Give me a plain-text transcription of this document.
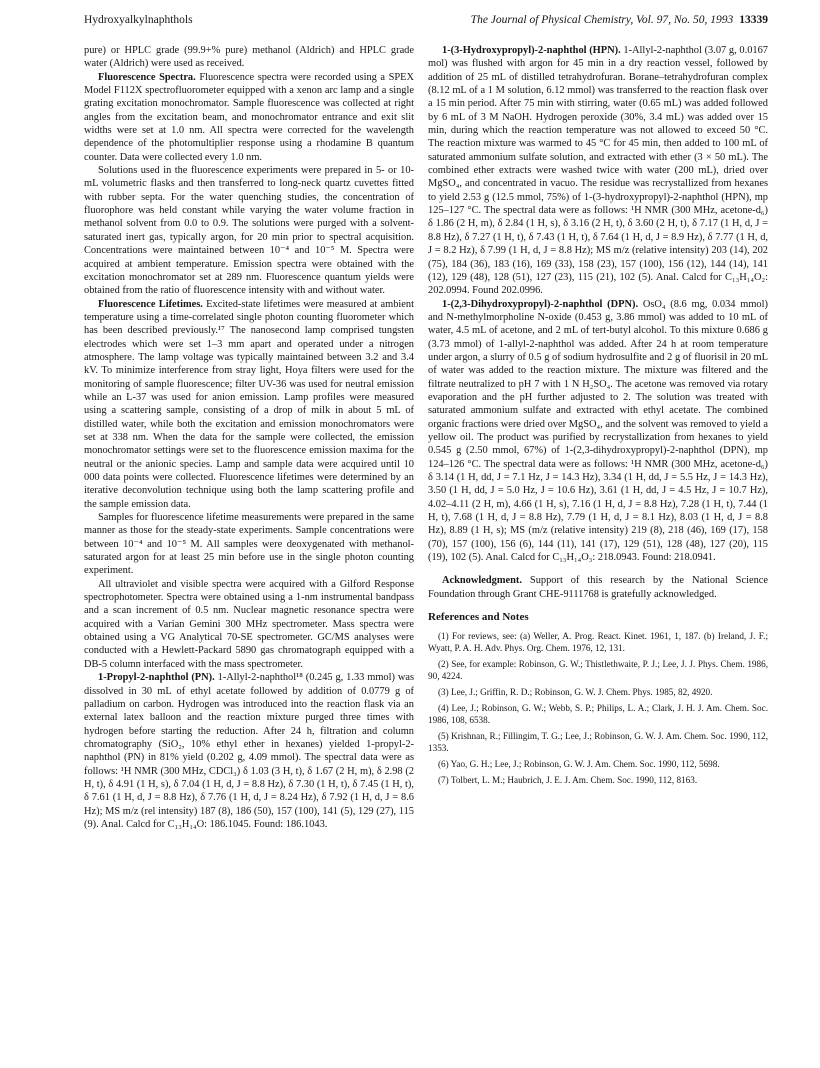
Hydroxyalkylnaphthols	The Journal of Physical Chemistry, Vol. 97, No. 50, 1993 13339

pure) or HPLC grade (99.9+% pure) methanol (Aldrich) and HPLC grade water (Aldrich) were used as received.

Fluorescence Spectra. Fluorescence spectra were recorded using a SPEX Model F112X spectrofluorometer equipped with a xenon arc lamp and a single grating excitation monochromator. Sample fluorescence was collected at right angles from the excitation beam, and monochromator entrance and exit slit widths were set at 1.0 nm. All spectra were corrected for the wavelength dependence of the photomultiplier response using a rhodamine B quantum counter. Data were collected every 1.0 nm.

Solutions used in the fluorescence experiments were prepared in 5- or 10-mL volumetric flasks and then transferred to long-neck quartz cuvettes fitted with rubber septa. For the water quenching studies, the concentration of fluorophore was held constant while varying the water volume fraction in methanol solvent from 0.0 to 0.9. The solutions were purged with a solvent-saturated inert gas, typically argon, for 20 min prior to spectral acquisition. Concentrations were maintained between 10⁻⁴ and 10⁻⁵ M. Spectra were acquired at ambient temperature. Emission spectra were obtained with the excitation monochromator set at 289 nm. Fluorescence quantum yields were obtained from the ratio of fluorescence intensity with and without water.

Fluorescence Lifetimes. Excited-state lifetimes were measured at ambient temperature using a time-correlated single photon counting fluorometer which has been described previously.¹⁷ The nanosecond lamp comprised tungsten electrodes which were set 1–3 mm apart and operated under a nitrogen atmosphere. The lamp voltage was typically maintained between 3.2 and 3.4 kV. To minimize interference from stray light, Hoya filters were used for the monitoring of sample fluorescence; filter UV-36 was used for neutral emission while an L-37 was used for anion emission. Lamp profiles were measured using a scattering sample, consisting of a drop of milk in about 5 mL of distilled water, while both the excitation and emission monochromators were set at 338 nm. When the data for the sample were collected, the emission monochromator settings were set to the fluorescence emission maxima for the neutral or the anionic species. Lamp and sample data were acquired until 10 000 data points were collected. Fluorescence lifetimes were determined by an iterative deconvolution technique using both the lamp scattering profile and the sample emission data.

Samples for fluorescence lifetime measurements were prepared in the same manner as those for the steady-state experiments. Sample concentrations were between 10⁻⁴ and 10⁻⁵ M. All samples were deoxygenated with methanol-saturated argon for at least 25 min before use in the single photon counting experiment.

All ultraviolet and visible spectra were acquired with a Gilford Response spectrophotometer. Spectra were obtained using a 1-nm instrumental bandpass and a scan increment of 0.5 nm. Nuclear magnetic resonance spectra were acquired with a Varian Gemini 300 MHz spectrometer. Mass spectra were obtained using a VG Analytical 70-SE spectrometer. GC/MS analyses were conducted with a Hewlett-Packard 5890 gas chromatograph equipped with a DB-5 column interfaced with the mass spectrometer.

1-Propyl-2-naphthol (PN). 1-Allyl-2-naphthol¹⁸ (0.245 g, 1.33 mmol) was dissolved in 30 mL of ethyl acetate followed by addition of 0.0779 g of palladium on carbon. Hydrogen was introduced into the reaction flask via an external latex balloon and the reaction mixture purged three times with hydrogen before starting the reduction. After 24 h, filtration and column chromatography (SiO₂, 10% ethyl ether in hexanes) yielded 1-propyl-2-naphthol (PN) in 81% yield (0.202 g, 4.09 mmol). The spectral data were as follows: ¹H NMR (300 MHz, CDCl₃) δ 1.03 (3 H, t), δ 1.67 (2 H, m), δ 2.98 (2 H, t), δ 4.91 (1 H, s), δ 7.04 (1 H, d, J = 8.8 Hz), δ 7.30 (1 H, t), δ 7.45 (1 H, t), δ 7.61 (1 H, d, J = 8.8 Hz), δ 7.76 (1 H, d, J = 8.24 Hz), δ 7.92 (1 H, d, J = 8.6 Hz); MS m/z (rel intensity) 187 (8), 186 (50), 157 (100), 141 (5), 129 (27), 115 (9). Anal. Calcd for C₁₃H₁₄O: 186.1045. Found: 186.1043.

1-(3-Hydroxypropyl)-2-naphthol (HPN). 1-Allyl-2-naphthol (3.07 g, 0.0167 mol) was flushed with argon for 45 min in a dry reaction vessel, followed by addition of 25 mL of distilled tetrahydrofuran. Borane–tetrahydrofuran complex (8.12 mL of a 1 M solution, 6.12 mmol) was transferred to the reaction flask over a 15 min period. After 75 min with stirring, water (0.65 mL) was added followed by 6 mL of 3 M NaOH. Hydrogen peroxide (30%, 3.4 mL) was added over 15 min, during which the reaction temperature was not allowed to exceed 50 °C. The reaction mixture was warmed to 45 °C for 45 min, then added to 100 mL of saturated ammonium sulfate solution, and extracted with ether (3 × 50 mL). The combined ether extracts were washed twice with water (200 mL), dried over MgSO₄, and concentrated in vacuo. The residue was recrystallized from hexanes to yield 2.53 g (12.5 mmol, 75%) of 1-(3-hydroxypropyl)-2-naphthol (HPN), mp 125–127 °C. The spectral data were as follows: ¹H NMR (300 MHz, acetone-d₆) δ 1.86 (2 H, m), δ 2.84 (1 H, s), δ 3.16 (2 H, t), δ 3.60 (2 H, t), δ 7.17 (1 H, d, J = 8.8 Hz), δ 7.27 (1 H, t), δ 7.43 (1 H, t), δ 7.64 (1 H, d, J = 8.9 Hz), δ 7.77 (1 H, d, J = 8.2 Hz), δ 7.99 (1 H, d, J = 8.8 Hz); MS m/z (relative intensity) 203 (14), 202 (75), 184 (36), 183 (16), 169 (33), 158 (23), 157 (100), 156 (12), 144 (14), 141 (12), 129 (48), 128 (51), 127 (23), 115 (21), 102 (5). Anal. Calcd for C₁₃H₁₄O₂: 202.0994. Found 202.0996.

1-(2,3-Dihydroxypropyl)-2-naphthol (DPN). OsO₄ (8.6 mg, 0.034 mmol) and N-methylmorpholine N-oxide (0.453 g, 3.86 mmol) was added to 10 mL of water, 4.5 mL of acetone, and 2 mL of tert-butyl alcohol. To this mixture 0.686 g (3.73 mmol) of 1-allyl-2-naphthol was added. After 24 h at room temperature under argon, a slurry of 0.5 g of sodium hydrosulfite and 2 g of fluorisil in 20 mL of water was added to the reaction mixture. The mixture was filtered and the filtrate neutralized to pH 7 with 1 N H₂SO₄. The acetone was removed via rotary evaporation and the pH further adjusted to 2. The solution was treated with saturated ammonium sulfate and extracted with ethyl acetate. The combined organic fractions were dried over MgSO₄, and the solvent was removed to yield a yellow oil. The product was purified by recrystallization from hexanes to yield 0.545 g (2.50 mmol, 67%) of 1-(2,3-dihydroxypropyl)-2-naphthol (DPN), mp 124–126 °C. The spectral data were as follows: ¹H NMR (300 MHz, acetone-d₆) δ 3.14 (1 H, dd, J = 7.1 Hz, J = 14.3 Hz), 3.34 (1 H, dd, J = 5.5 Hz, J = 14.3 Hz), 3.50 (1 H, dd, J = 5.0 Hz, J = 10.6 Hz), 3.61 (1 H, dd, J = 4.5 Hz, J = 10.7 Hz), 4.02–4.11 (2 H, m), 4.66 (1 H, s), 7.16 (1 H, d, J = 8.8 Hz), 7.28 (1 H, t), 7.44 (1 H, t), 7.68 (1 H, d, J = 8.8 Hz), 7.79 (1 H, d, J = 8.1 Hz), 8.03 (1 H, d, J = 8.8 Hz), 8.89 (1 H, s); MS (m/z (relative intensity) 219 (8), 218 (46), 169 (17), 158 (70), 157 (100), 156 (6), 144 (11), 141 (17), 129 (51), 128 (48), 127 (20), 115 (19), 102 (5). Anal. Calcd for C₁₃H₁₄O₃: 218.0943. Found: 218.0941.

Acknowledgment. Support of this research by the National Science Foundation through Grant CHE-9111768 is gratefully acknowledged.

References and Notes

(1) For reviews, see: (a) Weller, A. Prog. React. Kinet. 1961, 1, 187. (b) Ireland, J. F.; Wyatt, P. A. H. Adv. Phys. Org. Chem. 1976, 12, 131.

(2) See, for example: Robinson, G. W.; Thistlethwaite, P. J.; Lee, J. J. Phys. Chem. 1986, 90, 4224.

(3) Lee, J.; Griffin, R. D.; Robinson, G. W. J. Chem. Phys. 1985, 82, 4920.

(4) Lee, J.; Robinson, G. W.; Webb, S. P.; Philips, L. A.; Clark, J. H. J. Am. Chem. Soc. 1986, 108, 6538.

(5) Krishnan, R.; Fillingim, T. G.; Lee, J.; Robinson, G. W. J. Am. Chem. Soc. 1990, 112, 1353.

(6) Yao, G. H.; Lee, J.; Robinson, G. W. J. Am. Chem. Soc. 1990, 112, 5698.

(7) Tolbert, L. M.; Haubrich, J. E. J. Am. Chem. Soc. 1990, 112, 8163.
